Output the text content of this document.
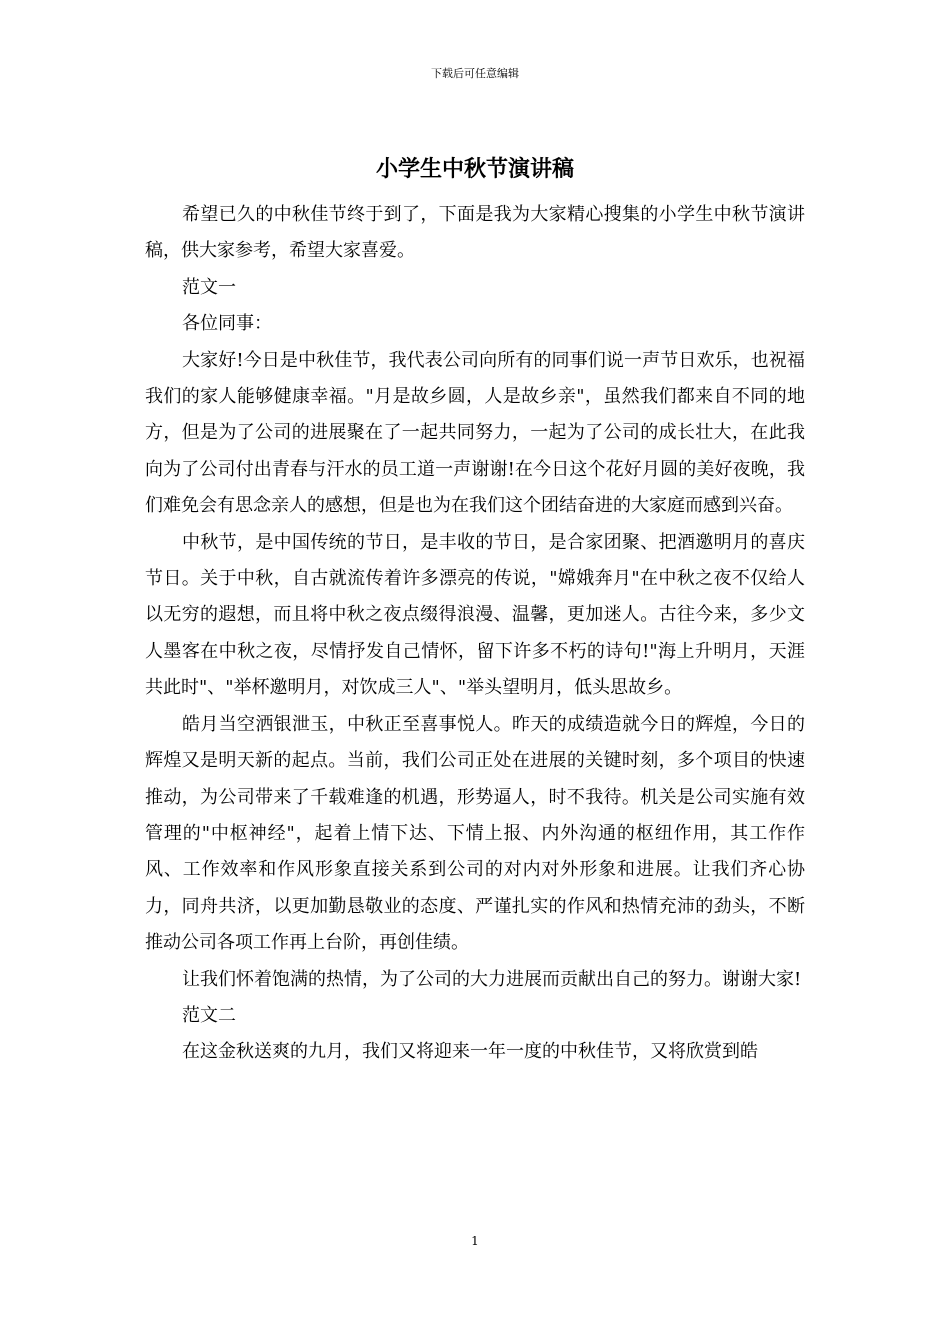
下载后可任意编辑
小学生中秋节演讲稿

希望已久的中秋佳节终于到了，下面是我为大家精心搜集的小学生中秋节演讲稿，供大家参考，希望大家喜爱。

范文一

各位同事：

大家好!今日是中秋佳节，我代表公司向所有的同事们说一声节日欢乐，也祝福我们的家人能够健康幸福。"月是故乡圆，人是故乡亲"，虽然我们都来自不同的地方，但是为了公司的进展聚在了一起共同努力，一起为了公司的成长壮大，在此我向为了公司付出青春与汗水的员工道一声谢谢!在今日这个花好月圆的美好夜晚，我们难免会有思念亲人的感想，但是也为在我们这个团结奋进的大家庭而感到兴奋。

中秋节，是中国传统的节日，是丰收的节日，是合家团聚、把酒邀明月的喜庆节日。关于中秋，自古就流传着许多漂亮的传说，"嫦娥奔月"在中秋之夜不仅给人以无穷的遐想，而且将中秋之夜点缀得浪漫、温馨，更加迷人。古往今来，多少文人墨客在中秋之夜，尽情抒发自己情怀，留下许多不朽的诗句!"海上升明月，天涯共此时"、"举杯邀明月，对饮成三人"、"举头望明月，低头思故乡。

皓月当空洒银泄玉，中秋正至喜事悦人。昨天的成绩造就今日的辉煌，今日的辉煌又是明天新的起点。当前，我们公司正处在进展的关键时刻，多个项目的快速推动，为公司带来了千载难逢的机遇，形势逼人，时不我待。机关是公司实施有效管理的"中枢神经"，起着上情下达、下情上报、内外沟通的枢纽作用，其工作作风、工作效率和作风形象直接关系到公司的对内对外形象和进展。让我们齐心协力，同舟共济，以更加勤恳敬业的态度、严谨扎实的作风和热情充沛的劲头，不断推动公司各项工作再上台阶，再创佳绩。

让我们怀着饱满的热情，为了公司的大力进展而贡献出自己的努力。谢谢大家!

范文二

在这金秋送爽的九月，我们又将迎来一年一度的中秋佳节，又将欣赏到皓

1
